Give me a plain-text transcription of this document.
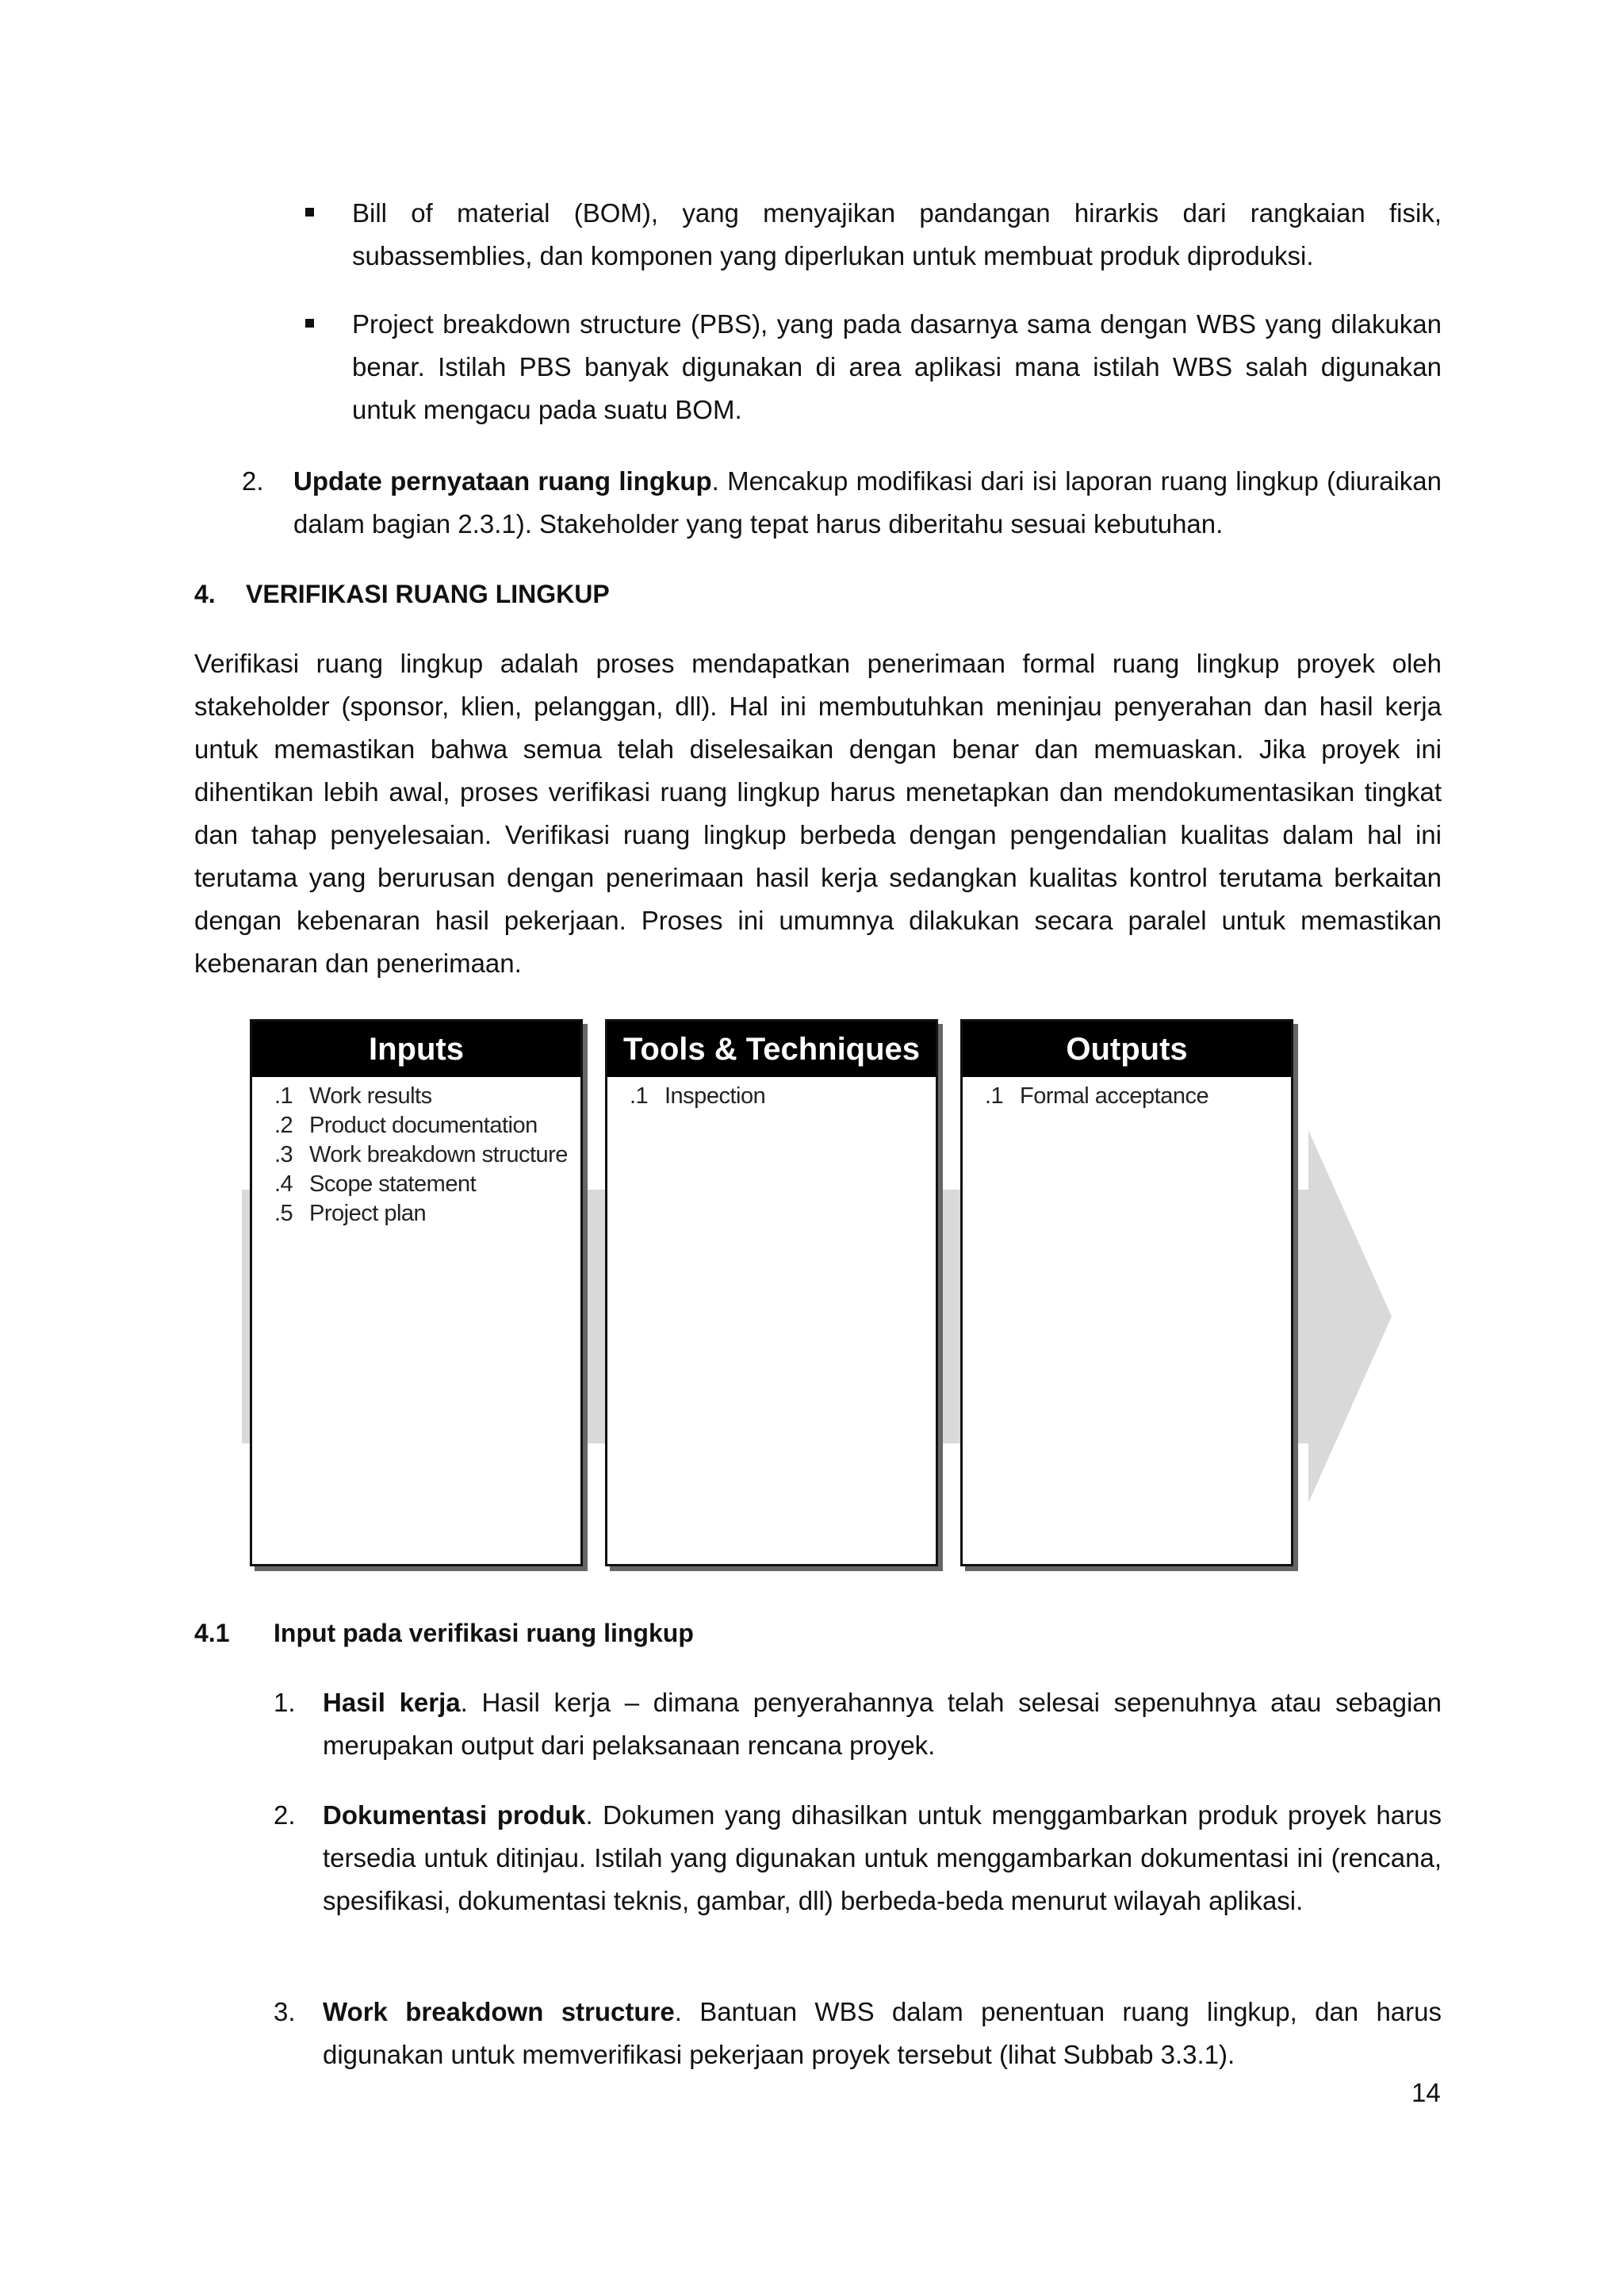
Bill of material (BOM), yang menyajikan pandangan hirarkis dari rangkaian fisik, subassemblies, dan komponen yang diperlukan untuk membuat produk diproduksi.

Project breakdown structure (PBS), yang pada dasarnya sama dengan WBS yang dilakukan benar. Istilah PBS banyak digunakan di area aplikasi mana istilah WBS salah digunakan untuk mengacu pada suatu BOM.

2. Update pernyataan ruang lingkup. Mencakup modifikasi dari isi laporan ruang lingkup (diuraikan dalam bagian 2.3.1). Stakeholder yang tepat harus diberitahu sesuai kebutuhan.

4. VERIFIKASI RUANG LINGKUP

Verifikasi ruang lingkup adalah proses mendapatkan penerimaan formal ruang lingkup proyek oleh stakeholder (sponsor, klien, pelanggan, dll). Hal ini membutuhkan meninjau penyerahan dan hasil kerja untuk memastikan bahwa semua telah diselesaikan dengan benar dan memuaskan. Jika proyek ini dihentikan lebih awal, proses verifikasi ruang lingkup harus menetapkan dan mendokumentasikan tingkat dan tahap penyelesaian. Verifikasi ruang lingkup berbeda dengan pengendalian kualitas dalam hal ini terutama yang berurusan dengan penerimaan hasil kerja sedangkan kualitas kontrol terutama berkaitan dengan kebenaran hasil pekerjaan. Proses ini umumnya dilakukan secara paralel untuk memastikan kebenaran dan penerimaan.

Inputs
.1 Work results
.2 Product documentation
.3 Work breakdown structure
.4 Scope statement
.5 Project plan
Tools & Techniques
.1 Inspection
Outputs
.1 Formal acceptance
4.1 Input pada verifikasi ruang lingkup
1. Hasil kerja. Hasil kerja – dimana penyerahannya telah selesai sepenuhnya atau sebagian merupakan output dari pelaksanaan rencana proyek.

2. Dokumentasi produk. Dokumen yang dihasilkan untuk menggambarkan produk proyek harus tersedia untuk ditinjau. Istilah yang digunakan untuk menggambarkan dokumentasi ini (rencana, spesifikasi, dokumentasi teknis, gambar, dll) berbeda-beda menurut wilayah aplikasi.

3. Work breakdown structure. Bantuan WBS dalam penentuan ruang lingkup, dan harus digunakan untuk memverifikasi pekerjaan proyek tersebut (lihat Subbab 3.3.1).

14
